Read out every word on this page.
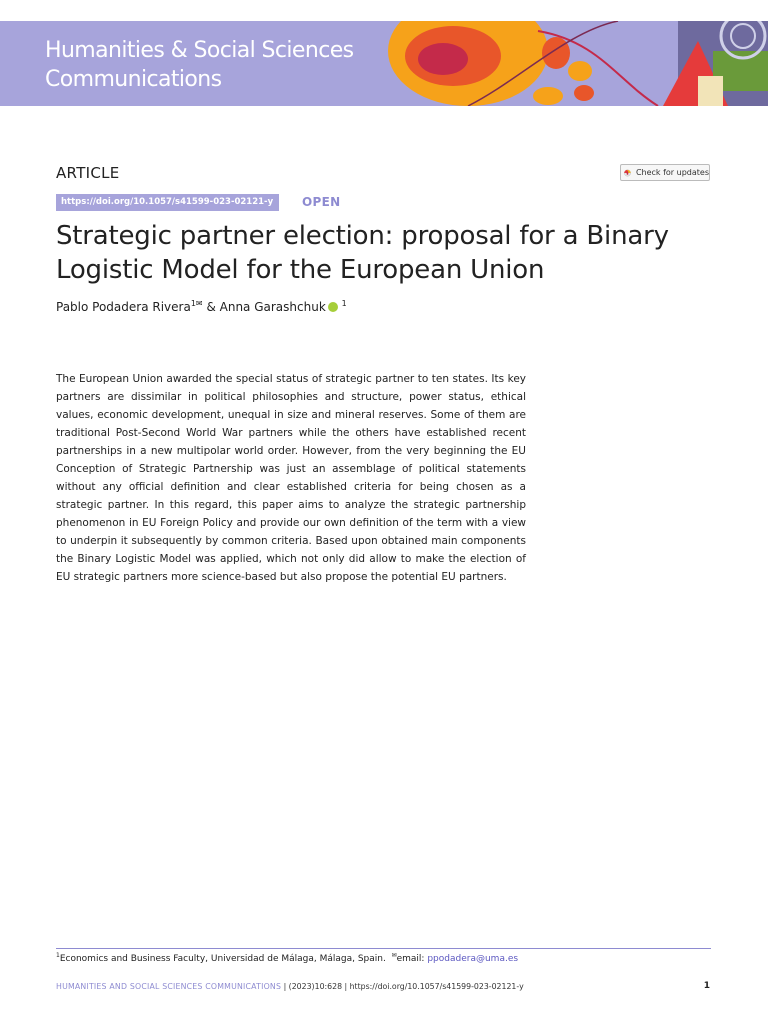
Humanities & Social Sciences
Communications
ARTICLE	Check for updates
https://doi.org/10.1057/s41599-023-02121-y	OPEN
Strategic partner election: proposal for a Binary Logistic Model for the European Union
Pablo Podadera Rivera$^{1✉}$ & Anna Garashchuk $^1$

The European Union awarded the special status of strategic partner to ten states. Its key partners are dissimilar in political philosophies and structure, power status, ethical values, economic development, unequal in size and mineral reserves. Some of them are traditional Post-Second World War partners while the others have established recent partnerships in a new multipolar world order. However, from the very beginning the EU Conception of Strategic Partnership was just an assemblage of political statements without any official definition and clear established criteria for being chosen as a strategic partner. In this regard, this paper aims to analyze the strategic partnership phenomenon in EU Foreign Policy and provide our own definition of the term with a view to underpin it subsequently by common criteria. Based upon obtained main components the Binary Logistic Model was applied, which not only did allow to make the election of EU strategic partners more science-based but also propose the potential EU partners.

$^1$Economics and Business Faculty, Universidad de Málaga, Málaga, Spain. ✉email: ppodadera@uma.es
HUMANITIES AND SOCIAL SCIENCES COMMUNICATIONS | (2023)10:628 | https://doi.org/10.1057/s41599-023-02121-y	1
